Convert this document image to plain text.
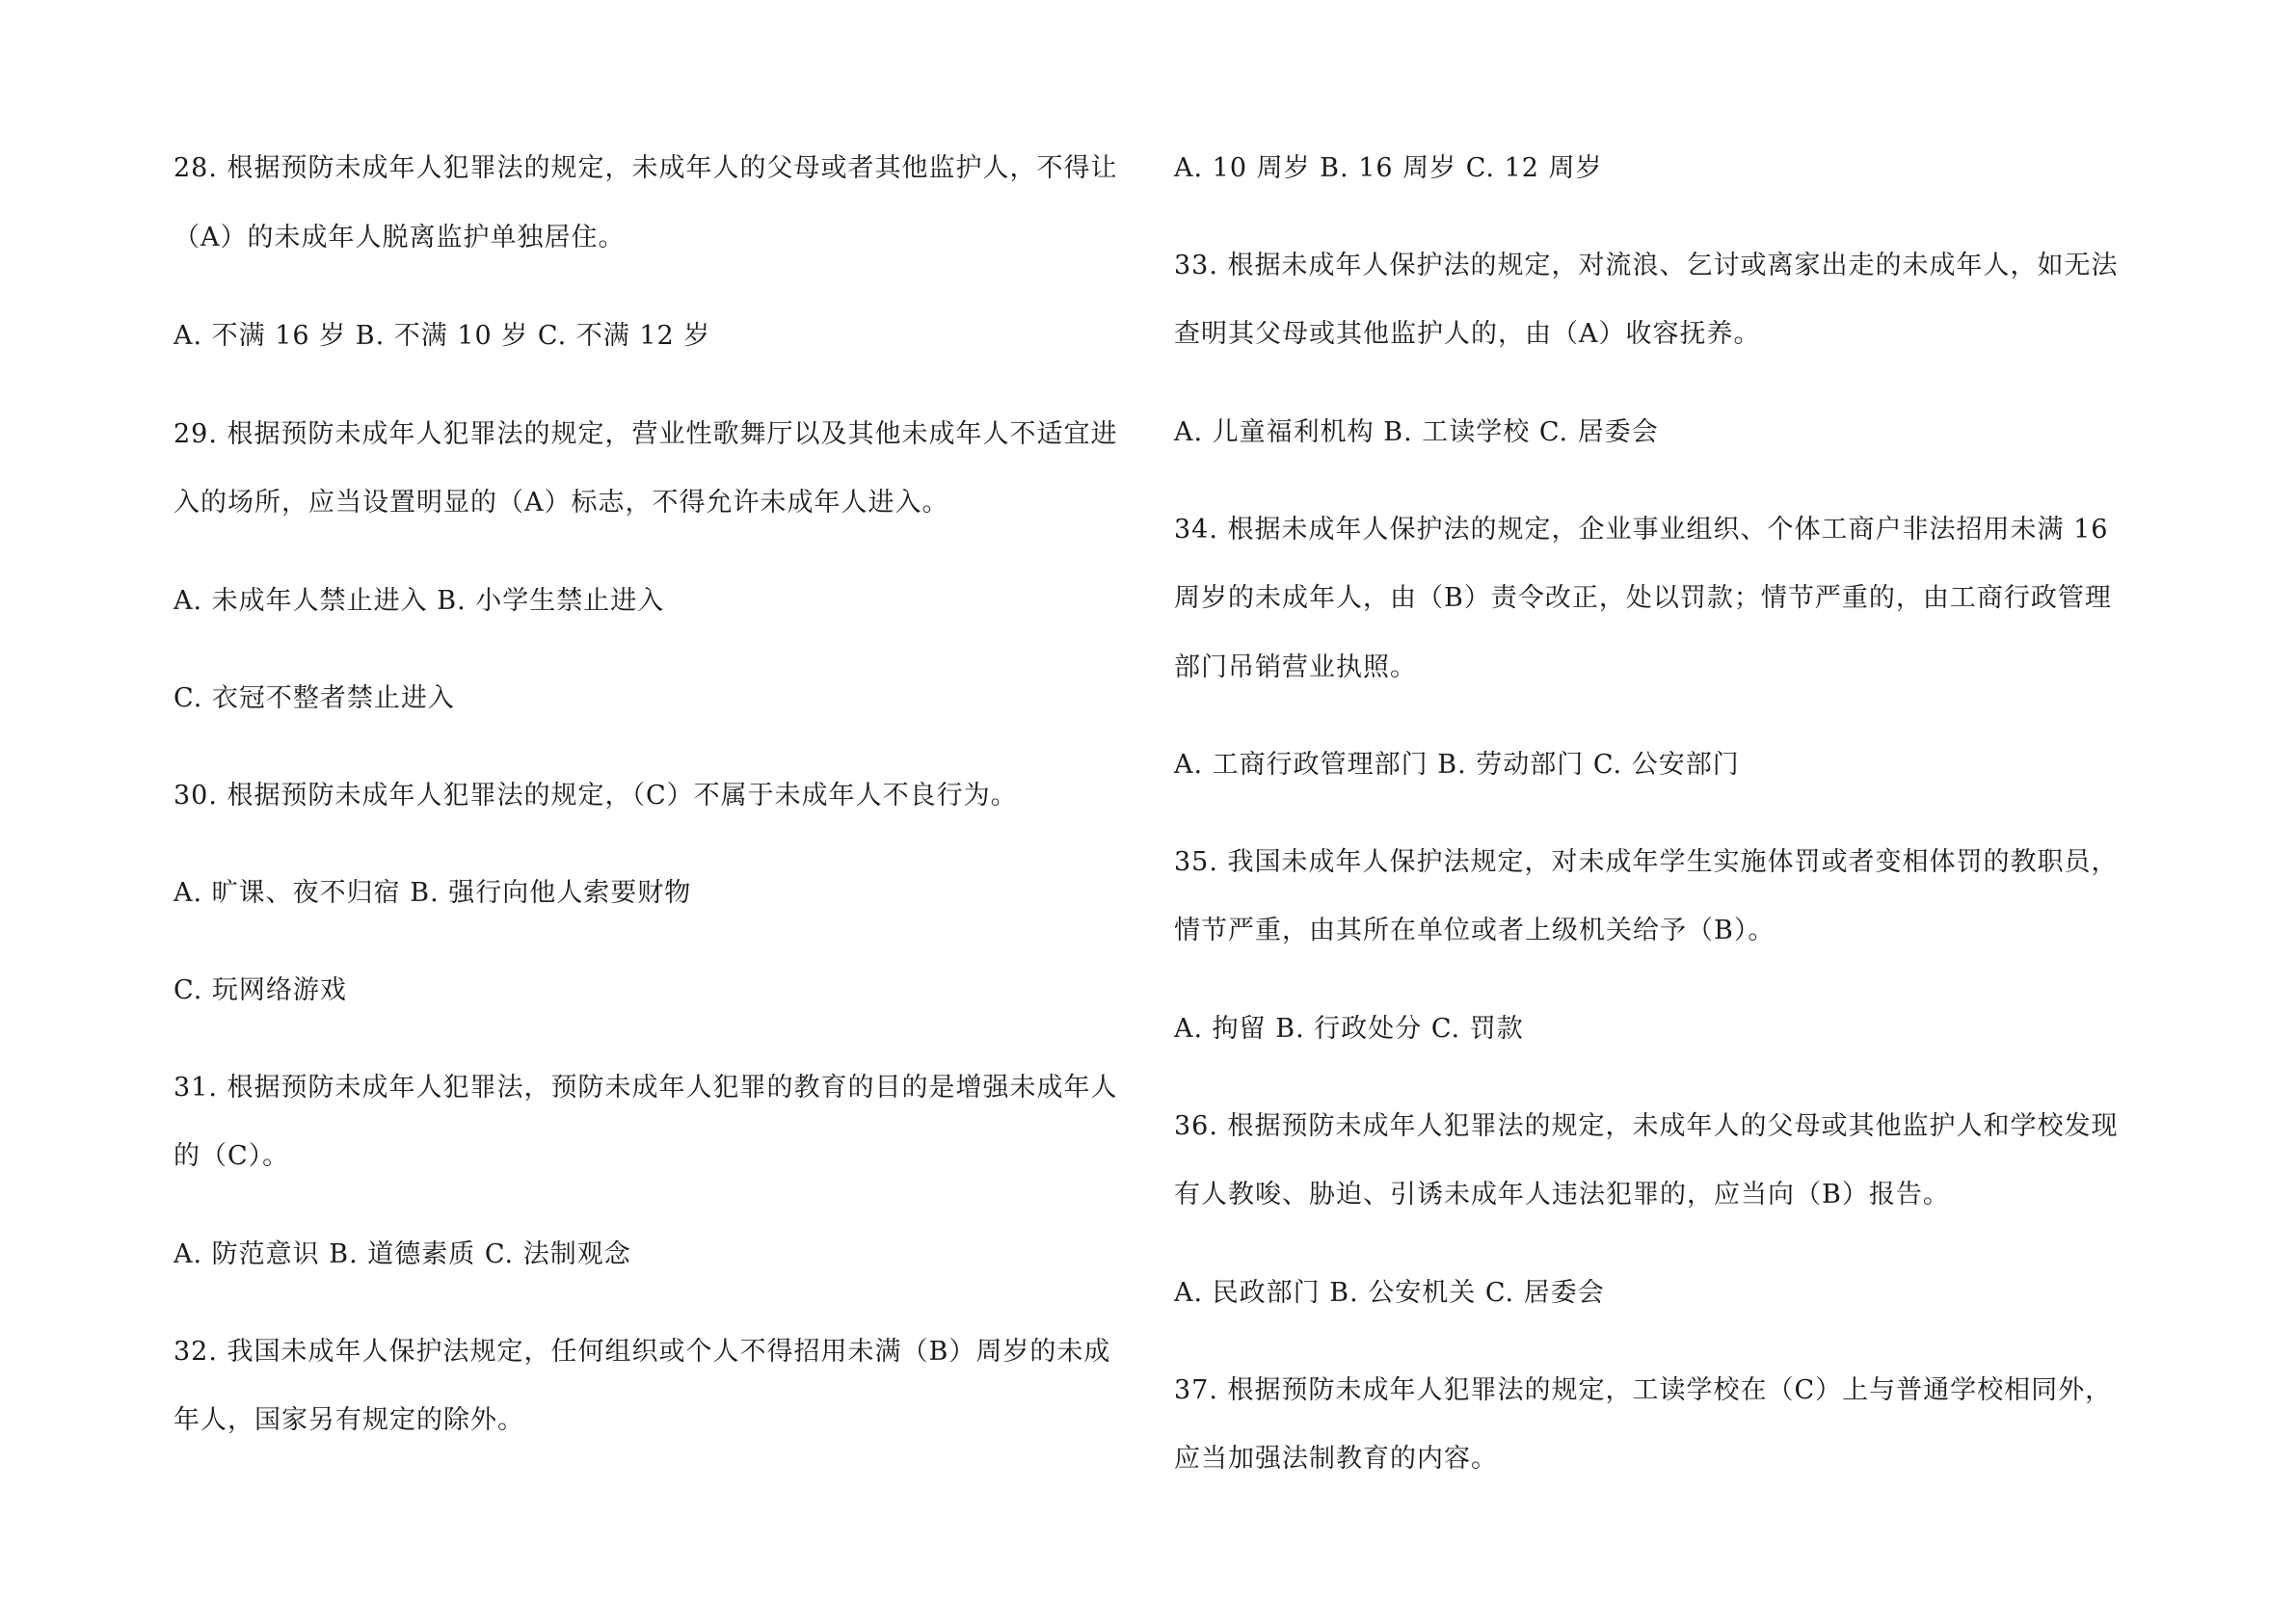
28. 根据预防未成年人犯罪法的规定，未成年人的父母或者其他监护人，不得让
（A）的未成年人脱离监护单独居住。
A. 不满 16 岁 B. 不满 10 岁 C. 不满 12 岁
29. 根据预防未成年人犯罪法的规定，营业性歌舞厅以及其他未成年人不适宜进
入的场所，应当设置明显的（A）标志，不得允许未成年人进入。
A. 未成年人禁止进入 B. 小学生禁止进入
C. 衣冠不整者禁止进入
30. 根据预防未成年人犯罪法的规定，（C）不属于未成年人不良行为。
A. 旷课、夜不归宿 B. 强行向他人索要财物
C. 玩网络游戏
31. 根据预防未成年人犯罪法，预防未成年人犯罪的教育的目的是增强未成年人
的（C）。
A. 防范意识 B. 道德素质 C. 法制观念
32. 我国未成年人保护法规定，任何组织或个人不得招用未满（B）周岁的未成
年人，国家另有规定的除外。
A. 10 周岁 B. 16 周岁 C. 12 周岁
33. 根据未成年人保护法的规定，对流浪、乞讨或离家出走的未成年人，如无法
查明其父母或其他监护人的，由（A）收容抚养。
A. 儿童福利机构 B. 工读学校 C. 居委会
34. 根据未成年人保护法的规定，企业事业组织、个体工商户非法招用未满 16
周岁的未成年人，由（B）责令改正，处以罚款；情节严重的，由工商行政管理
部门吊销营业执照。
A. 工商行政管理部门 B. 劳动部门 C. 公安部门
35. 我国未成年人保护法规定，对未成年学生实施体罚或者变相体罚的教职员，
情节严重，由其所在单位或者上级机关给予（B）。
A. 拘留 B. 行政处分 C. 罚款
36. 根据预防未成年人犯罪法的规定，未成年人的父母或其他监护人和学校发现
有人教唆、胁迫、引诱未成年人违法犯罪的，应当向（B）报告。
A. 民政部门 B. 公安机关 C. 居委会
37. 根据预防未成年人犯罪法的规定，工读学校在（C）上与普通学校相同外，
应当加强法制教育的内容。
